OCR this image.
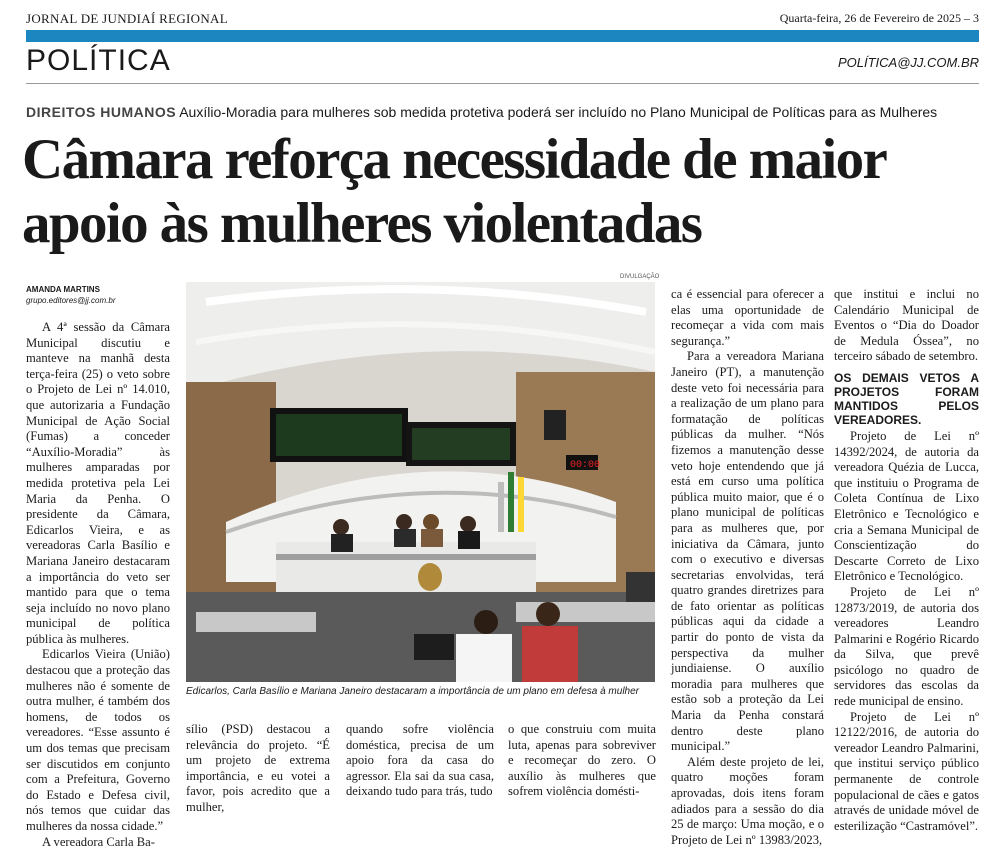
JORNAL DE JUNDIAÍ REGIONAL	Quarta-feira, 26 de Fevereiro de 2025 – 3
POLÍTICA	POLÍTICA@JJ.COM.BR
DIREITOS HUMANOS Auxílio-Moradia para mulheres sob medida protetiva poderá ser incluído no Plano Municipal de Políticas para as Mulheres
Câmara reforça necessidade de maior apoio às mulheres violentadas
AMANDA MARTINS
grupo.editores@jj.com.br

A 4ª sessão da Câmara Municipal discutiu e manteve na manhã desta terça-feira (25) o veto sobre o Projeto de Lei nº 14.010, que autorizaria a Fundação Municipal de Ação Social (Fumas) a conceder “Auxílio-Moradia” às mulheres amparadas por medida protetiva pela Lei Maria da Penha. O presidente da Câmara, Edicarlos Vieira, e as vereadoras Carla Basílio e Mariana Janeiro destacaram a importância do veto ser mantido para que o tema seja incluído no novo plano municipal de política pública às mulheres.

Edicarlos Vieira (União) destacou que a proteção das mulheres não é somente de outra mulher, é também dos homens, de todos os vereadores. “Esse assunto é um dos temas que precisam ser discutidos em conjunto com a Prefeitura, Governo do Estado e Defesa civil, nós temos que cuidar das mulheres da nossa cidade.”

A vereadora Carla Ba-

DIVULGAÇÃO
00:00
Edicarlos, Carla Basílio e Mariana Janeiro destacaram a importância de um plano em defesa à mulher

sílio (PSD) destacou a relevância do projeto. “É um projeto de extrema importância, e eu votei a favor, pois acredito que a mulher,

quando sofre violência doméstica, precisa de um apoio fora da casa do agressor. Ela sai da sua casa, deixando tudo para trás, tudo

o que construiu com muita luta, apenas para sobreviver e recomeçar do zero. O auxílio às mulheres que sofrem violência domésti-

ca é essencial para oferecer a elas uma oportunidade de recomeçar a vida com mais segurança.”

Para a vereadora Mariana Janeiro (PT), a manutenção deste veto foi necessária para a realização de um plano para formatação de políticas públicas da mulher. “Nós fizemos a manutenção desse veto hoje entendendo que já está em curso uma política pública muito maior, que é o plano municipal de políticas para as mulheres que, por iniciativa da Câmara, junto com o executivo e diversas secretarias envolvidas, terá quatro grandes diretrizes para de fato orientar as políticas públicas aqui da cidade a partir do ponto de vista da perspectiva da mulher jundiaiense. O auxílio moradia para mulheres que estão sob a proteção da Lei Maria da Penha constará dentro deste plano municipal.”

Além deste projeto de lei, quatro moções foram aprovadas, dois itens foram adiados para a sessão do dia 25 de março: Uma moção, e o Projeto de Lei nº 13983/2023,

que institui e inclui no Calendário Municipal de Eventos o “Dia do Doador de Medula Óssea”, no terceiro sábado de setembro.

OS DEMAIS VETOS A PROJETOS FORAM MANTIDOS PELOS VEREADORES.

Projeto de Lei nº 14392/2024, de autoria da vereadora Quézia de Lucca, que instituiu o Programa de Coleta Contínua de Lixo Eletrônico e Tecnológico e cria a Semana Municipal de Conscientização do Descarte Correto de Lixo Eletrônico e Tecnológico.

Projeto de Lei nº 12873/2019, de autoria dos vereadores Leandro Palmarini e Rogério Ricardo da Silva, que prevê psicólogo no quadro de servidores das escolas da rede municipal de ensino.

Projeto de Lei nº 12122/2016, de autoria do vereador Leandro Palmarini, que institui serviço público permanente de controle populacional de cães e gatos através de unidade móvel de esterilização “Castramóvel”.
